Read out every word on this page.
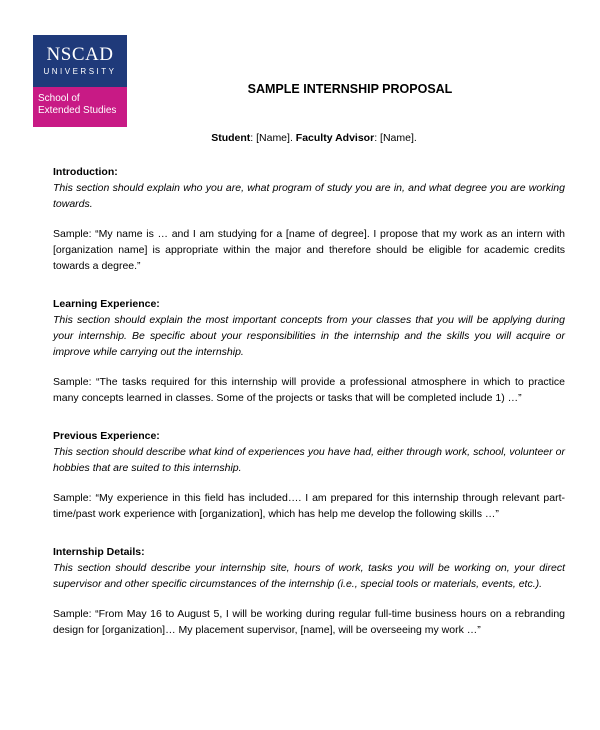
NSCAD
UNIVERSITY
School of
Extended Studies
SAMPLE INTERNSHIP PROPOSAL
Student: [Name]. Faculty Advisor: [Name].
Introduction:
This section should explain who you are, what program of study you are in, and what degree you are working towards.
Sample: “My name is … and I am studying for a [name of degree]. I propose that my work as an intern with [organization name] is appropriate within the major and therefore should be eligible for academic credits towards a degree.”
Learning Experience:
This section should explain the most important concepts from your classes that you will be applying during your internship. Be specific about your responsibilities in the internship and the skills you will acquire or improve while carrying out the internship.
Sample: “The tasks required for this internship will provide a professional atmosphere in which to practice many concepts learned in classes. Some of the projects or tasks that will be completed include 1) …”
Previous Experience:
This section should describe what kind of experiences you have had, either through work, school, volunteer or hobbies that are suited to this internship.
Sample: “My experience in this field has included…. I am prepared for this internship through relevant part-time/past work experience with [organization], which has help me develop the following skills …”
Internship Details:
This section should describe your internship site, hours of work, tasks you will be working on, your direct supervisor and other specific circumstances of the internship (i.e., special tools or materials, events, etc.).
Sample: “From May 16 to August 5, I will be working during regular full-time business hours on a rebranding design for [organization]… My placement supervisor, [name], will be overseeing my work …”
